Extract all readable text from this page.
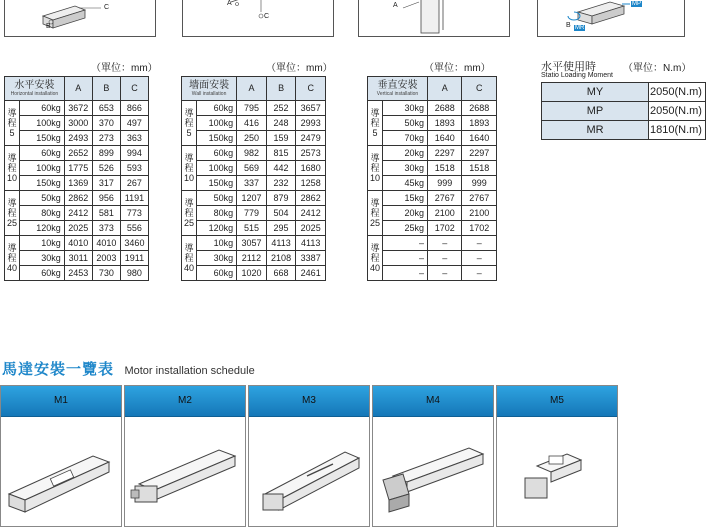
B
C
A
C
A	MP
B MR
（單位：mm）	（單位：mm）	（單位：mm）	（單位：N.m）
水平安裝
Horizontal installation		A	B	C
導
程
5	60kg	3672	653	866
	100kg	3000	370	497
	150kg	2493	273	363
導
程
10	60kg	2652	899	994
	100kg	1775	526	593
	150kg	1369	317	267
導
程
25	50kg	2862	956	1191
	80kg	2412	581	773
	120kg	2025	373	556
導
程
40	10kg	4010	4010	3460
	30kg	3011	2003	1911
	60kg	2453	730	980
墻面安裝
Wall installation		A	B	C
導
程
5	60kg	795	252	3657
	100kg	416	248	2993
	150kg	250	159	2479
導
程
10	60kg	982	815	2573
	100kg	569	442	1680
	150kg	337	232	1258
導
程
25	50kg	1207	879	2862
	80kg	779	504	2412
	120kg	515	295	2025
導
程
40	10kg	3057	4113	4113
	30kg	2112	2108	3387
	60kg	1020	668	2461
垂直安裝
Vertical installation		A	C
導
程
5	30kg	2688	2688
	50kg	1893	1893
	70kg	1640	1640
導
程
10	20kg	2297	2297
	30kg	1518	1518
	45kg	999	999
導
程
25	15kg	2767	2767
	20kg	2100	2100
	25kg	1702	1702
導
程
40	–	–	–
	–	–	–
	–	–	–
水平使用時
Statio Loading Moment
MY	2050(N.m)
MP	2050(N.m)
MR	1810(N.m)
馬達安裝一覽表 Motor installation schedule
M1	M2	M3	M4	M5
